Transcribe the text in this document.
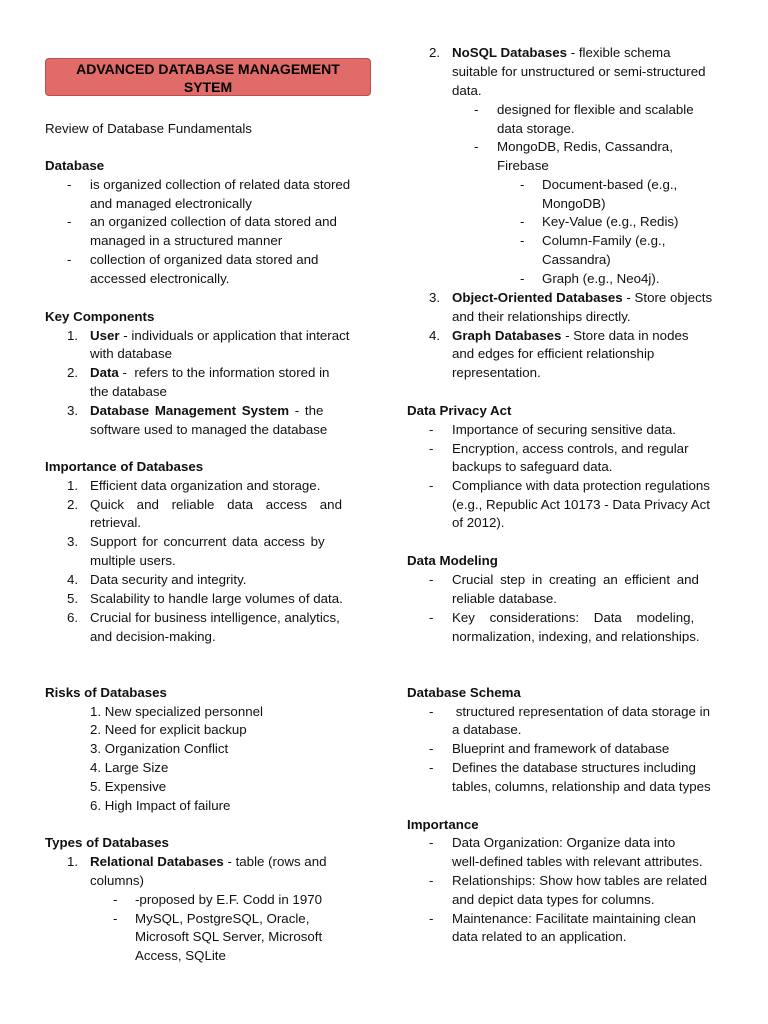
ADVANCED DATABASE MANAGEMENT
SYTEM
Review of Database Fundamentals
Database
- is organized collection of related data stored
and managed electronically
- an organized collection of data stored and
managed in a structured manner
- collection of organized data stored and
accessed electronically.
Key Components
1. User - individuals or application that interact
with database
2. Data -  refers to the information stored in
the database
3. Database Management System - the
software used to managed the database
Importance of Databases
1. Efficient data organization and storage.
2. Quick and reliable data access and
retrieval.
3. Support for concurrent data access by
multiple users.
4. Data security and integrity.
5. Scalability to handle large volumes of data.
6. Crucial for business intelligence, analytics,
and decision-making.
Risks of Databases
1. New specialized personnel
2. Need for explicit backup
3. Organization Conflict
4. Large Size
5. Expensive
6. High Impact of failure
Types of Databases
1. Relational Databases - table (rows and
columns)
- -proposed by E.F. Codd in 1970
- MySQL, PostgreSQL, Oracle,
Microsoft SQL Server, Microsoft
Access, SQLite
2. NoSQL Databases - flexible schema
suitable for unstructured or semi-structured
data.
- designed for flexible and scalable
data storage.
- MongoDB, Redis, Cassandra,
Firebase
- Document-based (e.g.,
MongoDB)
- Key-Value (e.g., Redis)
- Column-Family (e.g.,
Cassandra)
- Graph (e.g., Neo4j).
3. Object-Oriented Databases - Store objects
and their relationships directly.
4. Graph Databases - Store data in nodes
and edges for efficient relationship
representation.
Data Privacy Act
- Importance of securing sensitive data.
- Encryption, access controls, and regular
backups to safeguard data.
- Compliance with data protection regulations
(e.g., Republic Act 10173 - Data Privacy Act
of 2012).
Data Modeling
- Crucial step in creating an efficient and
reliable database.
- Key considerations: Data modeling,
normalization, indexing, and relationships.
Database Schema
- structured representation of data storage in
a database.
- Blueprint and framework of database
- Defines the database structures including
tables, columns, relationship and data types
Importance
- Data Organization: Organize data into
well-defined tables with relevant attributes.
- Relationships: Show how tables are related
and depict data types for columns.
- Maintenance: Facilitate maintaining clean
data related to an application.
